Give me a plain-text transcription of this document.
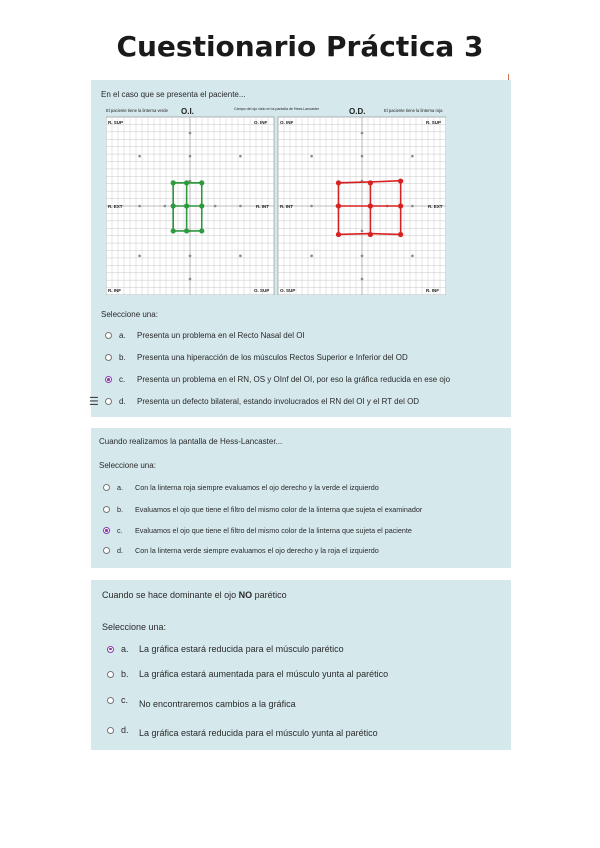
Cuestionario Práctica 3
En el caso que se presenta el paciente...
El paciente tiene la linterna verde O.I.	Campo del ojo visto en la pantalla de Hess-Lancaster	O.D.	El paciente tiene la linterna roja
R. SUP	O. INF
R. EXT	R. INT
R. INF	O. SUP
O. INF	R. SUP
R. INT	R. EXT
O. SUP	R. INF
Seleccione una:
a.	Presenta un problema en el Recto Nasal del OI
b.	Presenta una hiperacción de los músculos Rectos Superior e Inferior del OD
c.	Presenta un problema en el RN, OS y OInf del OI, por eso la gráfica reducida en ese ojo
d.	Presenta un defecto bilateral, estando involucrados el RN del OI y el RT del OD
☰
Cuando realizamos la pantalla de Hess-Lancaster...
Seleccione una:
a.	Con la linterna roja siempre evaluamos el ojo derecho y la verde el izquierdo
b.	Evaluamos el ojo que tiene el filtro del mismo color de la linterna que sujeta el examinador
c.	Evaluamos el ojo que tiene el filtro del mismo color de la linterna que sujeta el paciente
d.	Con la linterna verde siempre evaluamos el ojo derecho y la roja el izquierdo
Cuando se hace dominante el ojo NO parético
Seleccione una:
a.	La gráfica estará reducida para el músculo parético
b.	La gráfica estará aumentada para el músculo yunta al parético
c.	No encontraremos cambios a la gráfica
d.	La gráfica estará reducida para el músculo yunta al parético
